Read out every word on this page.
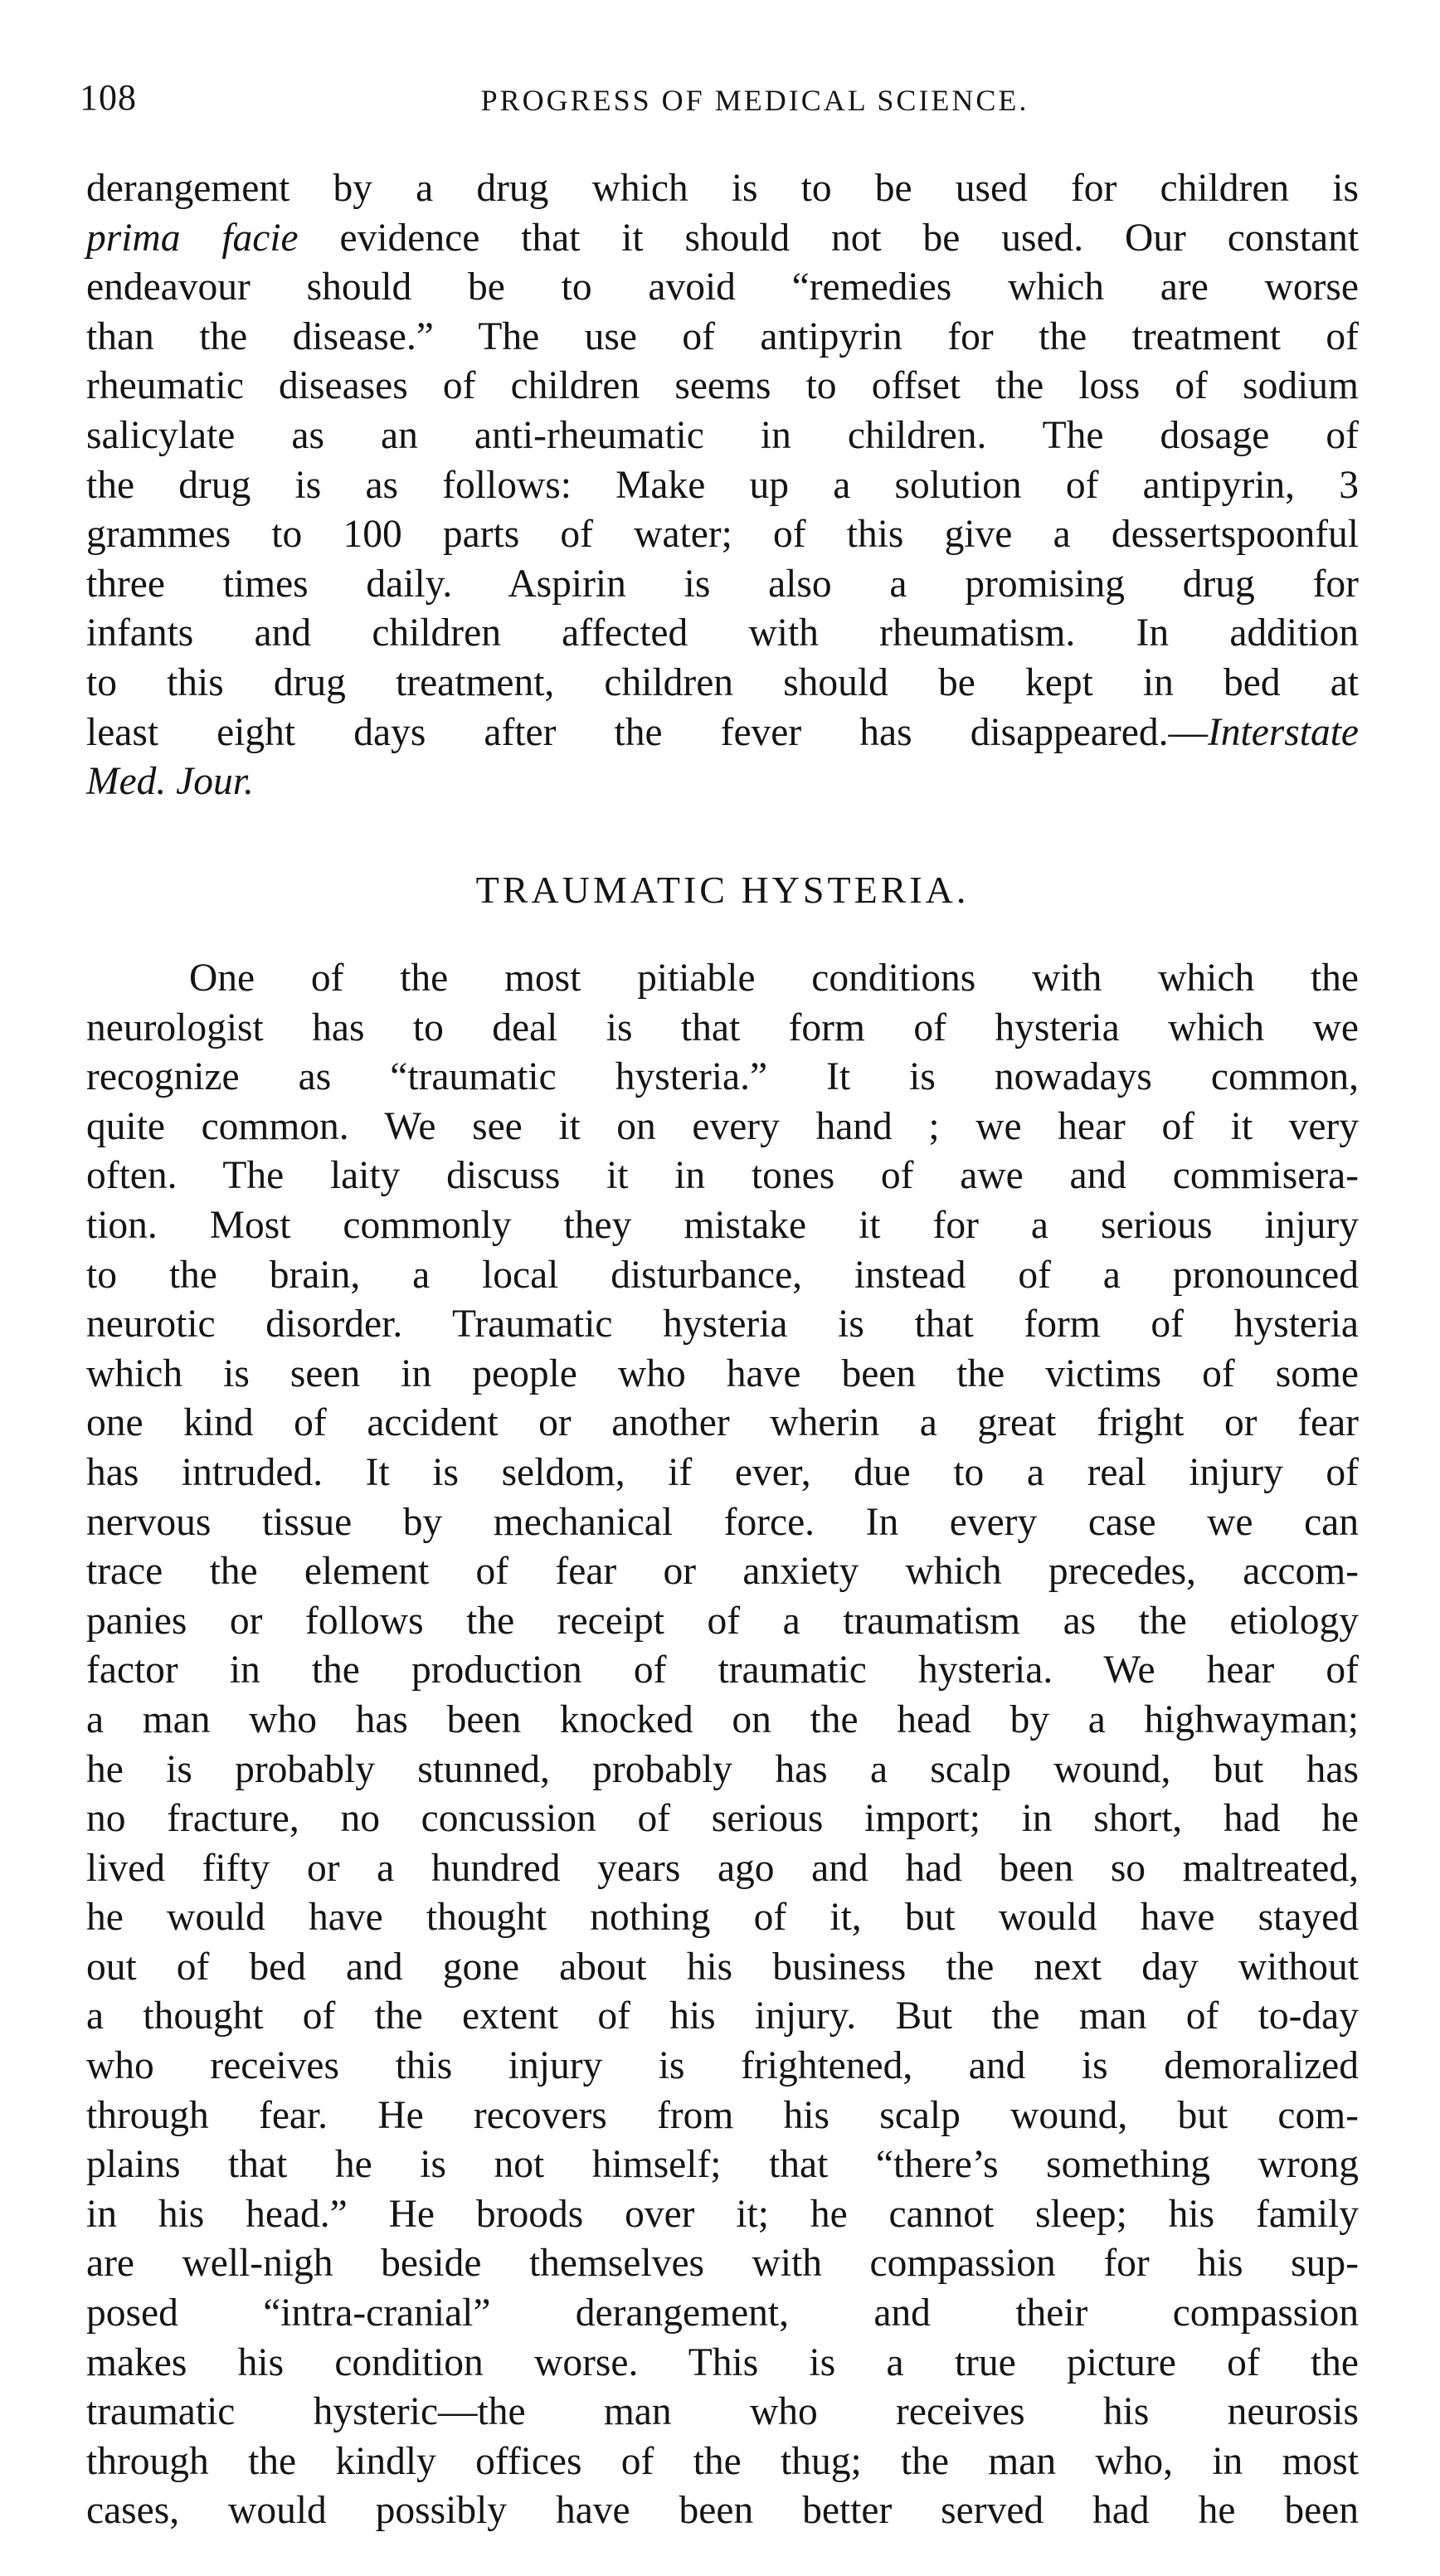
108	PROGRESS OF MEDICAL SCIENCE.
derangement by a drug which is to be used for children is
prima facie evidence that it should not be used. Our constant
endeavour should be to avoid “remedies which are worse
than the disease.” The use of antipyrin for the treatment of
rheumatic diseases of children seems to offset the loss of sodium
salicylate as an anti-rheumatic in children. The dosage of
the drug is as follows: Make up a solution of antipyrin, 3
grammes to 100 parts of water; of this give a dessertspoonful
three times daily. Aspirin is also a promising drug for
infants and children affected with rheumatism. In addition
to this drug treatment, children should be kept in bed at
least eight days after the fever has disappeared.—Interstate
Med. Jour.
TRAUMATIC HYSTERIA.
One of the most pitiable conditions with which the
neurologist has to deal is that form of hysteria which we
recognize as “traumatic hysteria.” It is nowadays common,
quite common. We see it on every hand ; we hear of it very
often. The laity discuss it in tones of awe and commisera-
tion. Most commonly they mistake it for a serious injury
to the brain, a local disturbance, instead of a pronounced
neurotic disorder. Traumatic hysteria is that form of hysteria
which is seen in people who have been the victims of some
one kind of accident or another wherin a great fright or fear
has intruded. It is seldom, if ever, due to a real injury of
nervous tissue by mechanical force. In every case we can
trace the element of fear or anxiety which precedes, accom-
panies or follows the receipt of a traumatism as the etiology
factor in the production of traumatic hysteria. We hear of
a man who has been knocked on the head by a highwayman;
he is probably stunned, probably has a scalp wound, but has
no fracture, no concussion of serious import; in short, had he
lived fifty or a hundred years ago and had been so maltreated,
he would have thought nothing of it, but would have stayed
out of bed and gone about his business the next day without
a thought of the extent of his injury. But the man of to-day
who receives this injury is frightened, and is demoralized
through fear. He recovers from his scalp wound, but com-
plains that he is not himself; that “there’s something wrong
in his head.” He broods over it; he cannot sleep; his family
are well-nigh beside themselves with compassion for his sup-
posed “intra-cranial” derangement, and their compassion
makes his condition worse. This is a true picture of the
traumatic hysteric—the man who receives his neurosis
through the kindly offices of the thug; the man who, in most
cases, would possibly have been better served had he been
